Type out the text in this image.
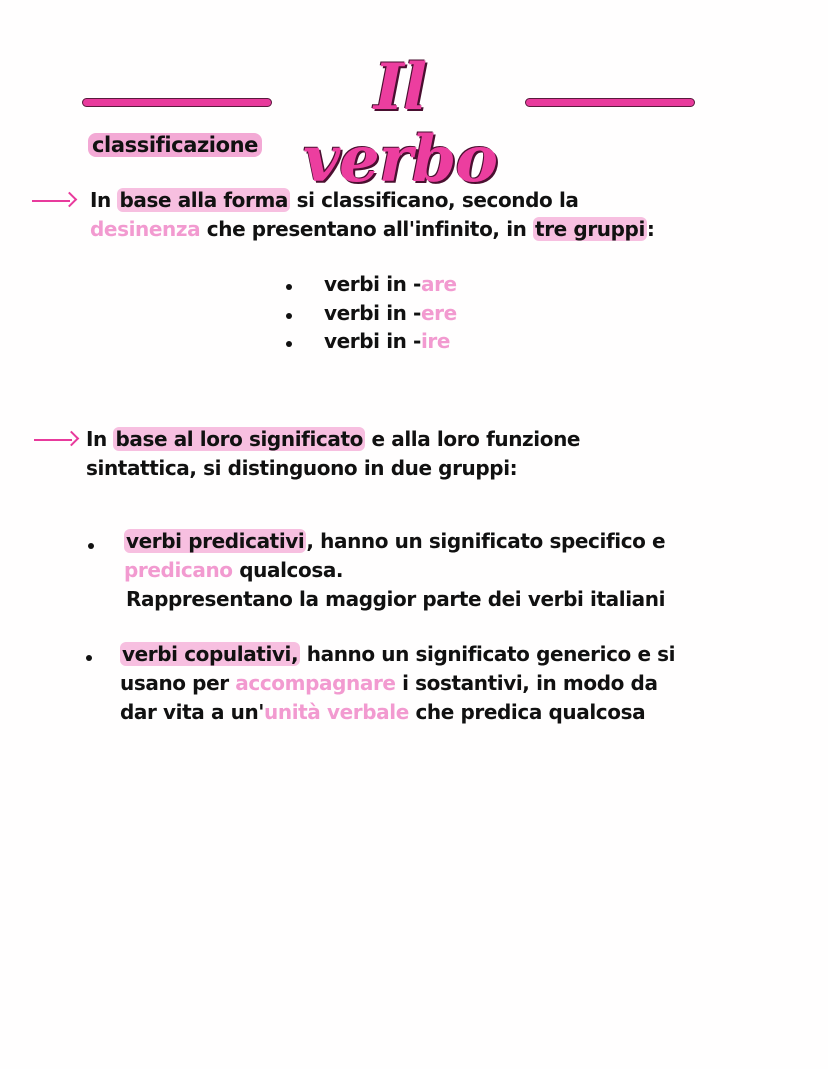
Il verbo
classificazione
In base alla forma si classificano, secondo la
desinenza che presentano all'infinito, in tre gruppi :
verbi in -are
verbi in -ere
verbi in -ire
In base al loro significato e alla loro funzione
sintattica, si distinguono in due gruppi:
verbi predicativi , hanno un significato specifico e
predicano qualcosa.
Rappresentano la maggior parte dei verbi italiani
verbi copulativi, hanno un significato generico e si
usano per accompagnare i sostantivi, in modo da
dar vita a un'unità verbale che predica qualcosa
